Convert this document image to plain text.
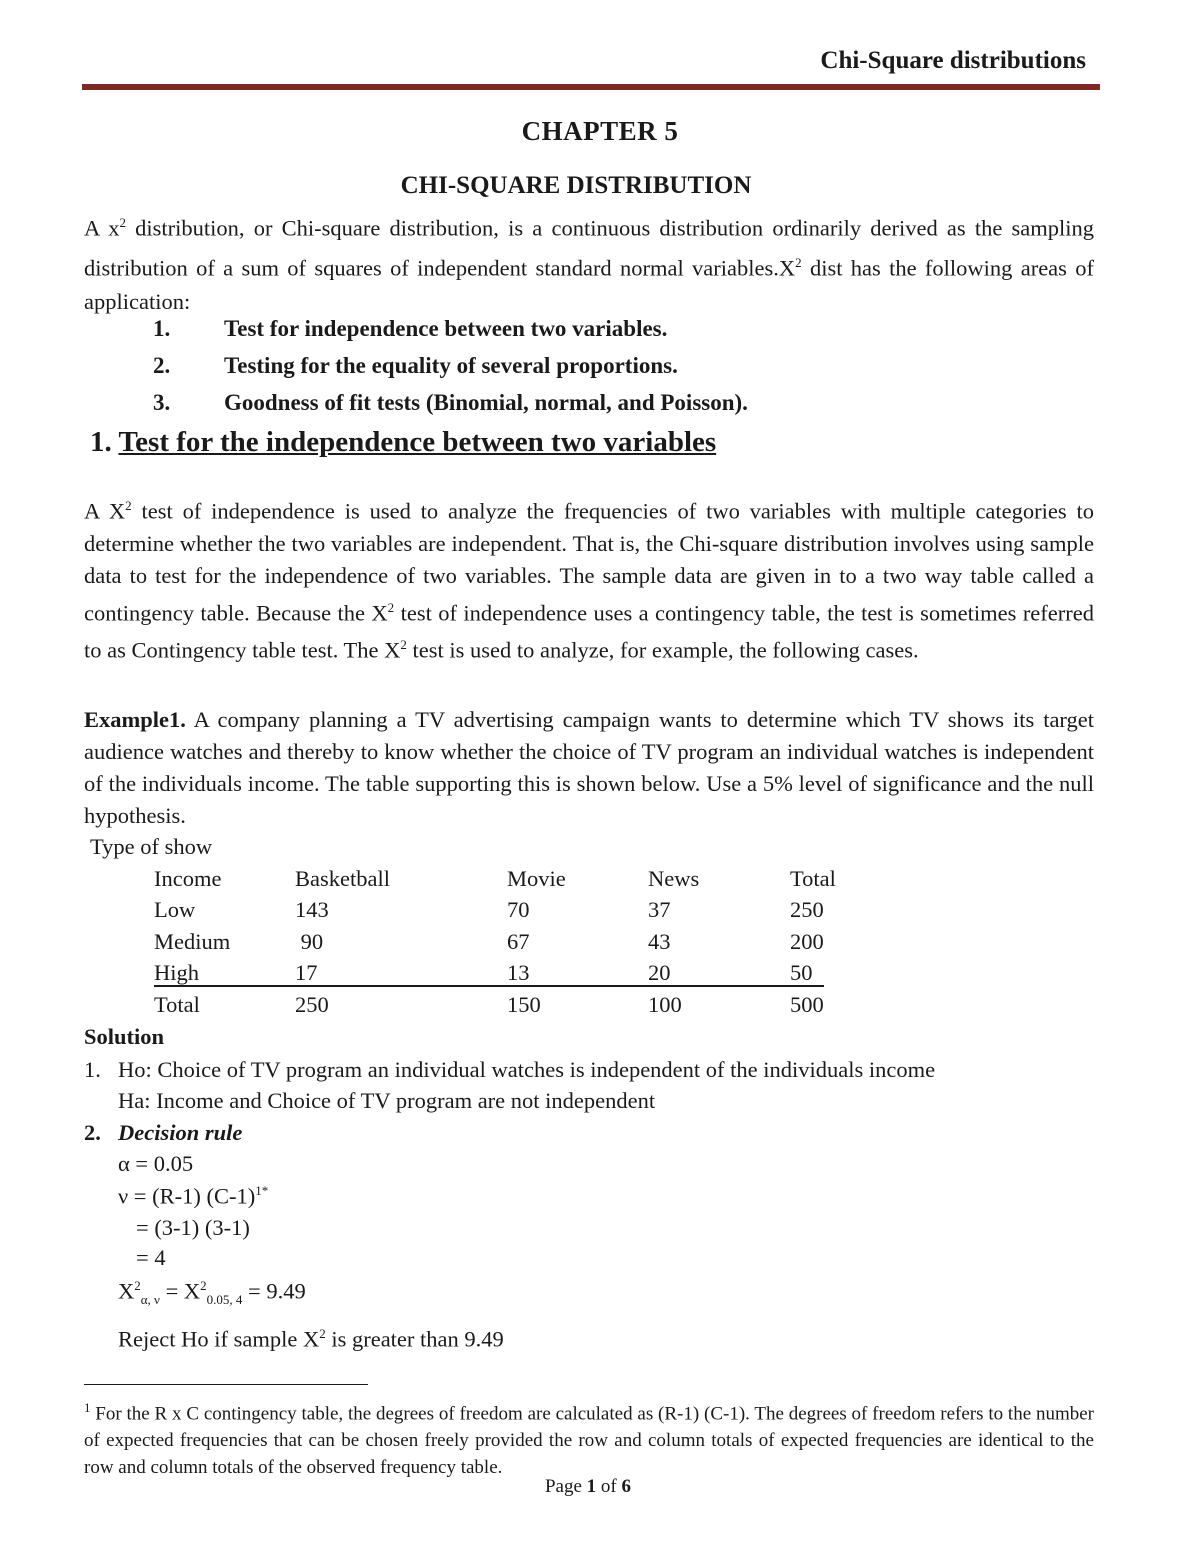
Chi-Square distributions
CHAPTER 5
CHI-SQUARE DISTRIBUTION
A $x^2$ distribution, or Chi-square distribution, is a continuous distribution ordinarily derived as the sampling distribution of a sum of squares of independent standard normal $variables.X^2$ dist has the following areas of application:
1. Test for independence between two variables.
2. Testing for the equality of several proportions.
3. Goodness of fit tests (Binomial, normal, and Poisson).
1. Test for the independence between two variables
A $X^2$ test of independence is used to analyze the frequencies of two variables with multiple categories to determine whether the two variables are independent. That is, the Chi-square distribution involves using sample data to test for the independence of two variables. The sample data are given in to a two way table called a contingency table. Because the $X^2$ test of independence uses a contingency table, the test is sometimes referred to as Contingency table test. The $X^2$ test is used to analyze, for example, the following cases.
Example1. A company planning a TV advertising campaign wants to determine which TV shows its target audience watches and thereby to know whether the choice of TV program an individual watches is independent of the individuals income. The table supporting this is shown below. Use a 5% level of significance and the null hypothesis.
Type of show
Income	Basketball	Movie	News	Total
Low	143	70	37	250
Medium	90	67	43	200
High	17	13	20	50
Total	250	150	100	500
Solution
1. Ho: Choice of TV program an individual watches is independent of the individuals income
Ha: Income and Choice of TV program are not independent
2. Decision rule
α = 0.05
ν = (R-1) $(C-1)^{1*}$
= (3-1) (3-1)
= 4
$X^2_{\alpha, \nu} = X^2_{0.05, 4} = 9.49$
Reject Ho if sample $X^2$ is greater than 9.49
$^1$ For the R x C contingency table, the degrees of freedom are calculated as (R-1) (C-1). The degrees of freedom refers to the number of expected frequencies that can be chosen freely provided the row and column totals of expected frequencies are identical to the row and column totals of the observed frequency table.
Page 1 of 6
